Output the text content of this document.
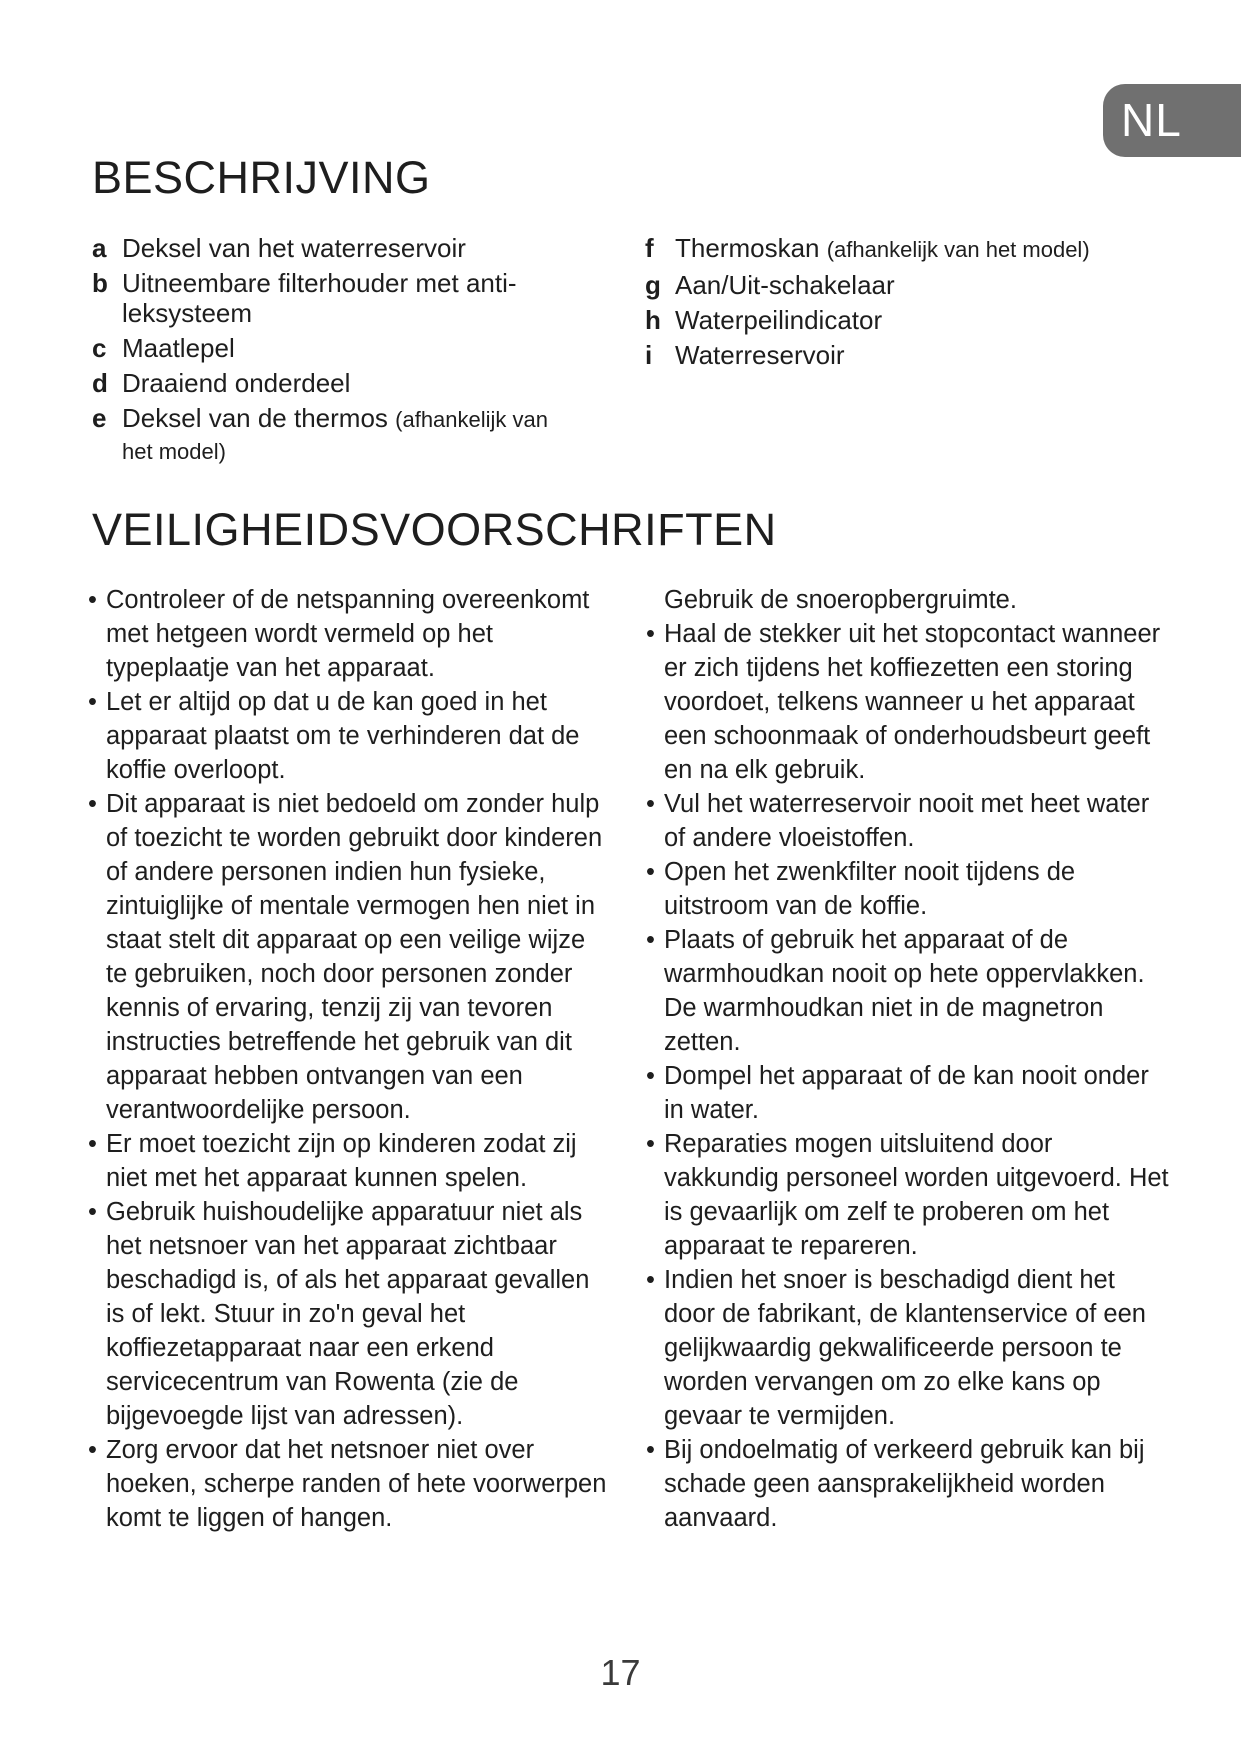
NL
BESCHRIJVING
a Deksel van het waterreservoir
b Uitneembare filterhouder met anti-leksysteem
c Maatlepel
d Draaiend onderdeel
e Deksel van de thermos (afhankelijk van het model)
f Thermoskan (afhankelijk van het model)
g Aan/Uit-schakelaar
h Waterpeilindicator
i Waterreservoir
VEILIGHEIDSVOORSCHRIFTEN
• Controleer of de netspanning overeenkomt met hetgeen wordt vermeld op het typeplaatje van het apparaat.
• Let er altijd op dat u de kan goed in het apparaat plaatst om te verhinderen dat de koffie overloopt.
• Dit apparaat is niet bedoeld om zonder hulp of toezicht te worden gebruikt door kinderen of andere personen indien hun fysieke, zintuiglijke of mentale vermogen hen niet in staat stelt dit apparaat op een veilige wijze te gebruiken, noch door personen zonder kennis of ervaring, tenzij zij van tevoren instructies betreffende het gebruik van dit apparaat hebben ontvangen van een verantwoordelijke persoon.
• Er moet toezicht zijn op kinderen zodat zij niet met het apparaat kunnen spelen.
• Gebruik huishoudelijke apparatuur niet als het netsnoer van het apparaat zichtbaar beschadigd is, of als het apparaat gevallen is of lekt. Stuur in zo'n geval het koffiezetapparaat naar een erkend servicecentrum van Rowenta (zie de bijgevoegde lijst van adressen).
• Zorg ervoor dat het netsnoer niet over hoeken, scherpe randen of hete voorwerpen komt te liggen of hangen.
Gebruik de snoeropbergruimte.
• Haal de stekker uit het stopcontact wanneer er zich tijdens het koffiezetten een storing voordoet, telkens wanneer u het apparaat een schoonmaak of onderhoudsbeurt geeft en na elk gebruik.
• Vul het waterreservoir nooit met heet water of andere vloeistoffen.
• Open het zwenkfilter nooit tijdens de uitstroom van de koffie.
• Plaats of gebruik het apparaat of de warmhoudkan nooit op hete oppervlakken. De warmhoudkan niet in de magnetron zetten.
• Dompel het apparaat of de kan nooit onder in water.
• Reparaties mogen uitsluitend door vakkundig personeel worden uitgevoerd. Het is gevaarlijk om zelf te proberen om het apparaat te repareren.
• Indien het snoer is beschadigd dient het door de fabrikant, de klantenservice of een gelijkwaardig gekwalificeerde persoon te worden vervangen om zo elke kans op gevaar te vermijden.
• Bij ondoelmatig of verkeerd gebruik kan bij schade geen aansprakelijkheid worden aanvaard.
17
